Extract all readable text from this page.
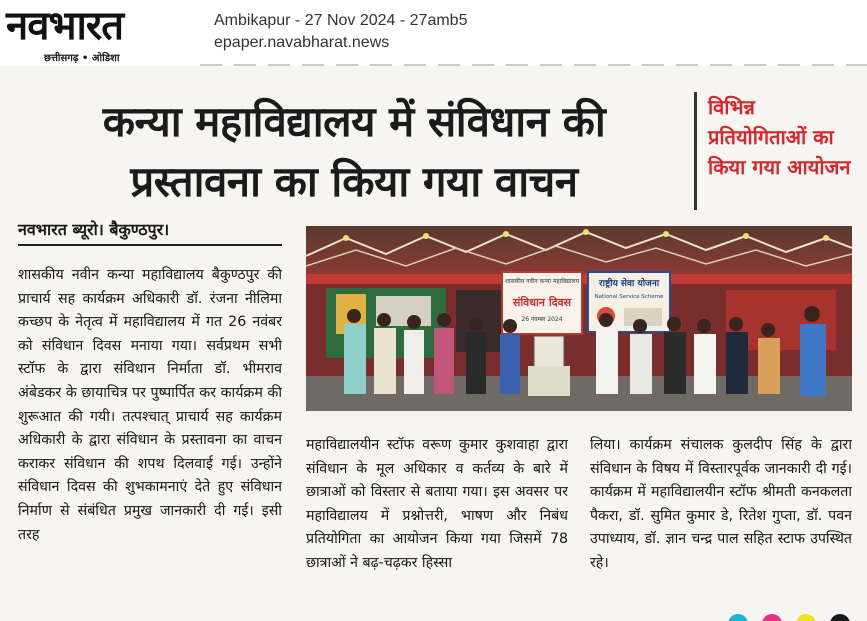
नवभारत
छत्तीसगढ़ • ओडिशा
Ambikapur - 27 Nov 2024 - 27amb5
epaper.navabharat.news
कन्या महाविद्यालय में संविधान की
प्रस्तावना का किया गया वाचन
विभिन्न प्रतियोगिताओं का किया गया आयोजन
नवभारत ब्यूरो। बैकुण्ठपुर।
शासकीय नवीन कन्या महाविद्यालय बैकुण्ठपुर की प्राचार्य सह कार्यक्रम अधिकारी डॉ. रंजना नीलिमा कच्छप के नेतृत्व में महाविद्यालय में गत 26 नवंबर को संविधान दिवस मनाया गया। सर्वप्रथम सभी स्टॉफ के द्वारा संविधान निर्माता डॉ. भीमराव अंबेडकर के छायाचित्र पर पुष्पार्पित कर कार्यक्रम की शुरूआत की गयी। तत्पश्चात् प्राचार्य सह कार्यक्रम अधिकारी के द्वारा संविधान के प्रस्तावना का वाचन कराकर संविधान की शपथ दिलवाई गई। उन्होंने संविधान दिवस की शुभकामनाएं देते हुए संविधान निर्माण से संबंधित प्रमुख जानकारी दी गई। इसी तरह
शासकीय नवीन कन्या महाविद्यालय
संविधान दिवस
26 नवम्बर 2024
राष्ट्रीय सेवा योजना
National Service Scheme
महाविद्यालयीन स्टॉफ वरूण कुमार कुशवाहा द्वारा संविधान के मूल अधिकार व कर्तव्य के बारे में छात्राओं को विस्तार से बताया गया। इस अवसर पर महाविद्यालय में प्रश्नोत्तरी, भाषण और निबंध प्रतियोगिता का आयोजन किया गया जिसमें 78 छात्राओं ने बढ़-चढ़कर हिस्सा
लिया। कार्यक्रम संचालक कुलदीप सिंह के द्वारा संविधान के विषय में विस्तारपूर्वक जानकारी दी गई। कार्यक्रम में महाविद्यालयीन स्टॉफ श्रीमती कनकलता पैकरा, डॉ. सुमित कुमार डे, रितेश गुप्ता, डॉ. पवन उपाध्याय, डॉ. ज्ञान चन्द्र पाल सहित स्टाफ उपस्थित रहे।
